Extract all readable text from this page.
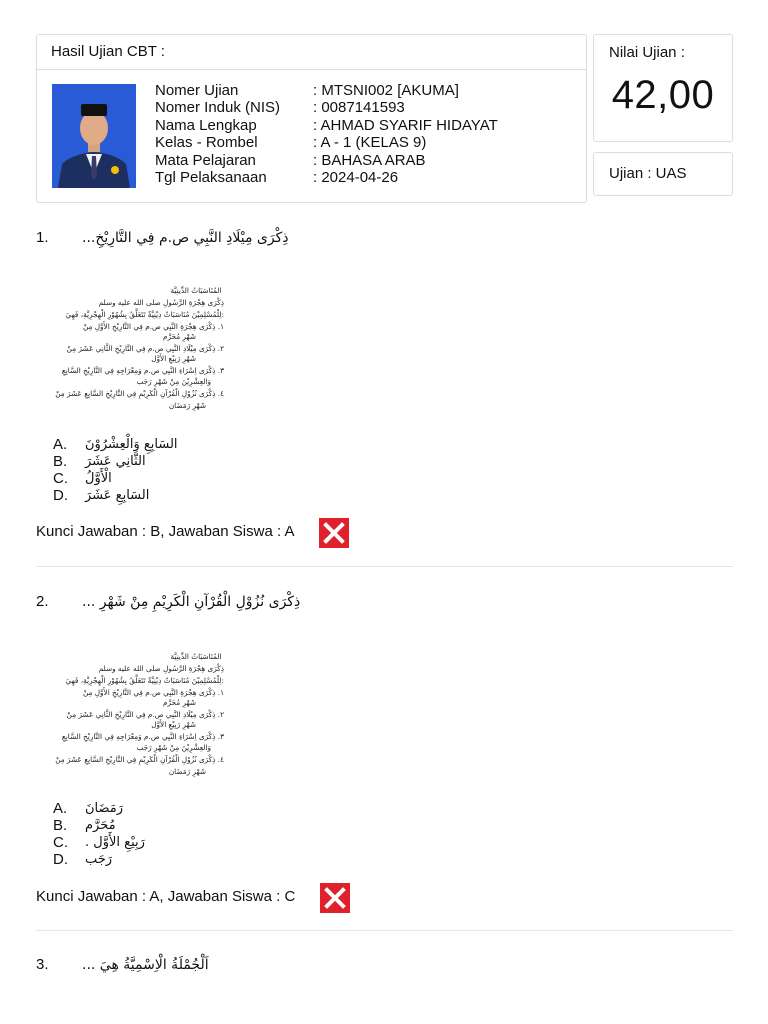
Hasil Ujian CBT :
Nomer Ujian	: MTSNI002 [AKUMA]
Nomer Induk (NIS)	: 0087141593
Nama Lengkap	: AHMAD SYARIF HIDAYAT
Kelas - Rombel	: A - 1 (KELAS 9)
Mata Pelajaran	: BAHASA ARAB
Tgl Pelaksanaan	: 2024-04-26
Nilai Ujian :
42,00
Ujian : UAS
1.	ذِكْرَى مِيْلَادِ النَّبِي ص.م فِي التَّارِيْخِ...
المُنَاسَبَاتُ الدِّينِيَّة
ذِكْرَى هِجْرَةِ الرَّسُولِ صلى الله عليه وسلم
لِلْمُسْلِمِيْنَ مُنَاسَبَاتٌ دِيْنِيَّةٌ تَتَعَلَّقُ بِشُهُوْرِ الْهِجْرِيَّةِ، فَهِيَ:
١. ذِكْرَى هِجْرَةِ النَّبِي ص.م فِي التَّارِيْخِ الأَوَّلِ مِنْ
شَهْرِ مُحَرَّم
٢. ذِكْرَى مِيْلَادِ النَّبِي ص.م فِي التَّارِيْخِ الثَّانِي عَشَرَ مِنْ
شَهْرِ رَبِيْعِ الأَوَّل
٣. ذِكْرَى اِسْرَاءِ النَّبِي ص.م وَمِعْرَاجِهِ فِي التَّارِيْخِ السَّابِعِ
وَالعِشْرِيْنَ مِنْ شَهْرِ رَجَب
٤. ذِكْرَى نُزُوْلِ الْقُرْآنِ الْكَرِيْمِ فِي التَّارِيْخِ السَّابِعِ عَشَرَ مِنْ
شَهْرِ رَمَضَان
A.	السَابِعِ وَالْعِشْرُوْنَ
B.	الثَّانِي عَشَرَ
C.	الْأَوَّلُ
D.	السَابِعِ عَشَرَ
Kunci Jawaban : B, Jawaban Siswa : A
2.	ذِكْرَى نُزُوْلِ الْقُرْآنِ الْكَرِيْمِ مِنْ شَهْرِ ...
المُنَاسَبَاتُ الدِّينِيَّة
ذِكْرَى هِجْرَةِ الرَّسُولِ صلى الله عليه وسلم
لِلْمُسْلِمِيْنَ مُنَاسَبَاتٌ دِيْنِيَّةٌ تَتَعَلَّقُ بِشُهُوْرِ الْهِجْرِيَّةِ، فَهِيَ:
١. ذِكْرَى هِجْرَةِ النَّبِي ص.م فِي التَّارِيْخِ الأَوَّلِ مِنْ
شَهْرِ مُحَرَّم
٢. ذِكْرَى مِيْلَادِ النَّبِي ص.م فِي التَّارِيْخِ الثَّانِي عَشَرَ مِنْ
شَهْرِ رَبِيْعِ الأَوَّل
٣. ذِكْرَى اِسْرَاءِ النَّبِي ص.م وَمِعْرَاجِهِ فِي التَّارِيْخِ السَّابِعِ
وَالعِشْرِيْنَ مِنْ شَهْرِ رَجَب
٤. ذِكْرَى نُزُوْلِ الْقُرْآنِ الْكَرِيْمِ فِي التَّارِيْخِ السَّابِعِ عَشَرَ مِنْ
شَهْرِ رَمَضَان
A.	رَمَضَانَ
B.	مُحَرَّم
C.	رَبِيْعِ الأَوَّل .
D.	رَجَب
Kunci Jawaban : A, Jawaban Siswa : C
3.	اَلْجُمْلَةُ الْاِسْمِيَّةُ هِيَ ...
